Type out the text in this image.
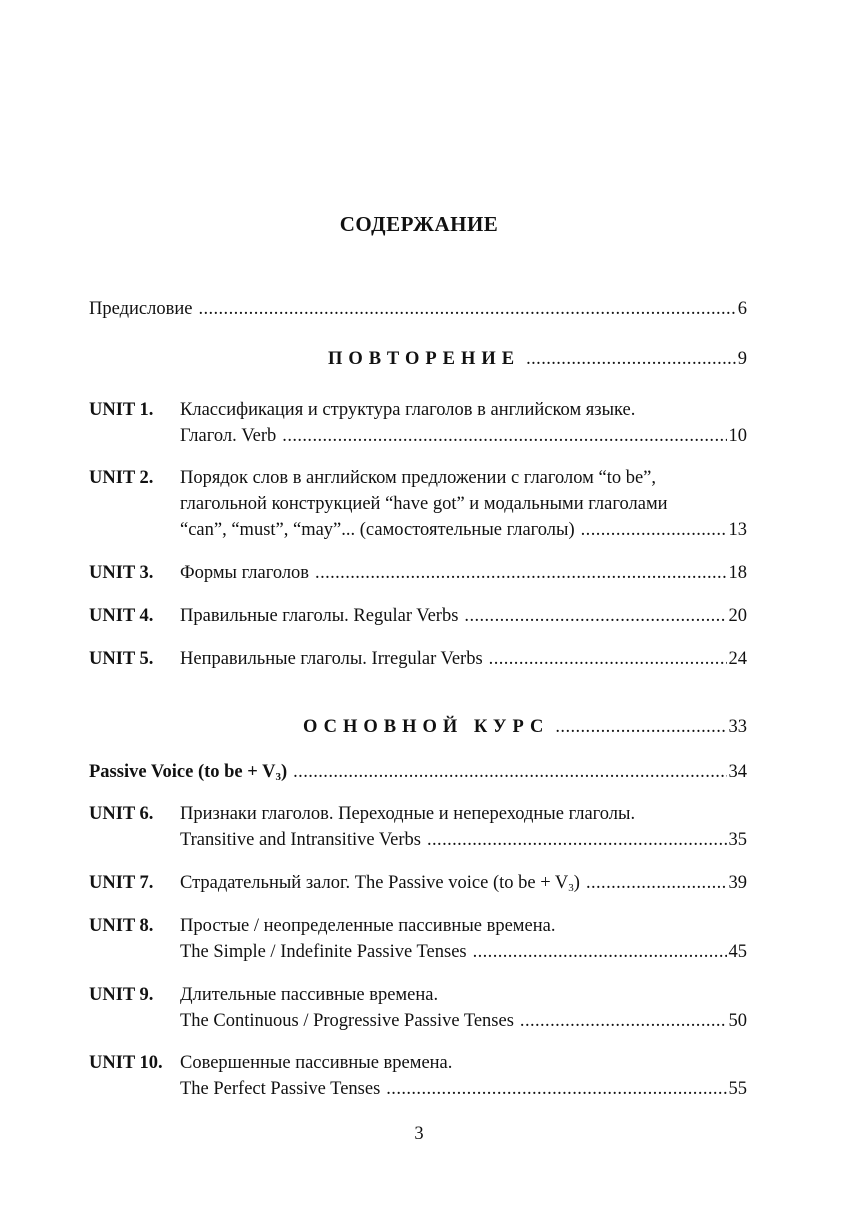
СОДЕРЖАНИЕ
Предисловие .....	6
ПОВТОРЕНИЕ .....	9
UNIT 1.	Классификация и структура глаголов в английском языке.
Глагол. Verb .....	10
UNIT 2.	Порядок слов в английском предложении с глаголом “to be”,
глагольной конструкцией “have got” и модальными глаголами
“can”, “must”, “may”... (самостоятельные глаголы) .....	13
UNIT 3.	Формы глаголов .....	18
UNIT 4.	Правильные глаголы. Regular Verbs .....	20
UNIT 5.	Неправильные глаголы. Irregular Verbs .....	24
ОСНОВНОЙ КУРС .....	33
Passive Voice (to be + $V_3$) .....	34
UNIT 6.	Признаки глаголов. Переходные и непереходные глаголы.
Transitive and Intransitive Verbs .....	35
UNIT 7.	Страдательный залог. The Passive voice (to be + $V_3$) .....	39
UNIT 8.	Простые / неопределенные пассивные времена.
The Simple / Indefinite Passive Tenses .....	45
UNIT 9.	Длительные пассивные времена.
The Continuous / Progressive Passive Tenses .....	50
UNIT 10. Совершенные пассивные времена.
The Perfect Passive Tenses .....	55
3
